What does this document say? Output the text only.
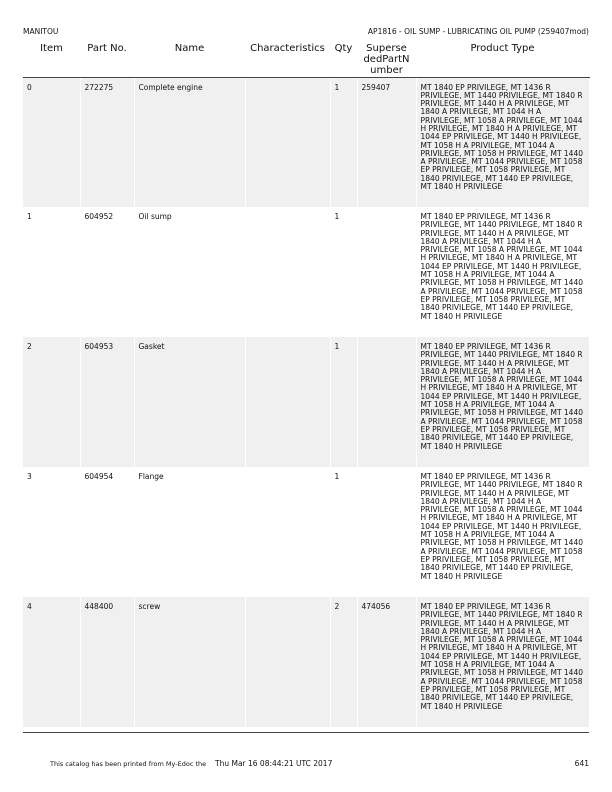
MANITOU	AP1816 - OIL SUMP - LUBRICATING OIL PUMP (259407mod)
Item	Part No.	Name	Characteristics	Qty	Superse dedPartN umber	Product Type
0	272275	Complete engine		1	259407	MT 1840 EP PRIVILEGE, MT 1436 R PRIVILEGE, MT 1440 PRIVILEGE, MT 1840 R PRIVILEGE, MT 1440 H A PRIVILEGE, MT 1840 A PRIVILEGE, MT 1044 H A PRIVILEGE, MT 1058 A PRIVILEGE, MT 1044 H PRIVILEGE, MT 1840 H A PRIVILEGE, MT 1044 EP PRIVILEGE, MT 1440 H PRIVILEGE, MT 1058 H A PRIVILEGE, MT 1044 A PRIVILEGE, MT 1058 H PRIVILEGE, MT 1440 A PRIVILEGE, MT 1044 PRIVILEGE, MT 1058 EP PRIVILEGE, MT 1058 PRIVILEGE, MT 1840 PRIVILEGE, MT 1440 EP PRIVILEGE, MT 1840 H PRIVILEGE
1	604952	Oil sump		1		MT 1840 EP PRIVILEGE, MT 1436 R PRIVILEGE, MT 1440 PRIVILEGE, MT 1840 R PRIVILEGE, MT 1440 H A PRIVILEGE, MT 1840 A PRIVILEGE, MT 1044 H A PRIVILEGE, MT 1058 A PRIVILEGE, MT 1044 H PRIVILEGE, MT 1840 H A PRIVILEGE, MT 1044 EP PRIVILEGE, MT 1440 H PRIVILEGE, MT 1058 H A PRIVILEGE, MT 1044 A PRIVILEGE, MT 1058 H PRIVILEGE, MT 1440 A PRIVILEGE, MT 1044 PRIVILEGE, MT 1058 EP PRIVILEGE, MT 1058 PRIVILEGE, MT 1840 PRIVILEGE, MT 1440 EP PRIVILEGE, MT 1840 H PRIVILEGE
2	604953	Gasket		1		MT 1840 EP PRIVILEGE, MT 1436 R PRIVILEGE, MT 1440 PRIVILEGE, MT 1840 R PRIVILEGE, MT 1440 H A PRIVILEGE, MT 1840 A PRIVILEGE, MT 1044 H A PRIVILEGE, MT 1058 A PRIVILEGE, MT 1044 H PRIVILEGE, MT 1840 H A PRIVILEGE, MT 1044 EP PRIVILEGE, MT 1440 H PRIVILEGE, MT 1058 H A PRIVILEGE, MT 1044 A PRIVILEGE, MT 1058 H PRIVILEGE, MT 1440 A PRIVILEGE, MT 1044 PRIVILEGE, MT 1058 EP PRIVILEGE, MT 1058 PRIVILEGE, MT 1840 PRIVILEGE, MT 1440 EP PRIVILEGE, MT 1840 H PRIVILEGE
3	604954	Flange		1		MT 1840 EP PRIVILEGE, MT 1436 R PRIVILEGE, MT 1440 PRIVILEGE, MT 1840 R PRIVILEGE, MT 1440 H A PRIVILEGE, MT 1840 A PRIVILEGE, MT 1044 H A PRIVILEGE, MT 1058 A PRIVILEGE, MT 1044 H PRIVILEGE, MT 1840 H A PRIVILEGE, MT 1044 EP PRIVILEGE, MT 1440 H PRIVILEGE, MT 1058 H A PRIVILEGE, MT 1044 A PRIVILEGE, MT 1058 H PRIVILEGE, MT 1440 A PRIVILEGE, MT 1044 PRIVILEGE, MT 1058 EP PRIVILEGE, MT 1058 PRIVILEGE, MT 1840 PRIVILEGE, MT 1440 EP PRIVILEGE, MT 1840 H PRIVILEGE
4	448400	screw		2	474056	MT 1840 EP PRIVILEGE, MT 1436 R PRIVILEGE, MT 1440 PRIVILEGE, MT 1840 R PRIVILEGE, MT 1440 H A PRIVILEGE, MT 1840 A PRIVILEGE, MT 1044 H A PRIVILEGE, MT 1058 A PRIVILEGE, MT 1044 H PRIVILEGE, MT 1840 H A PRIVILEGE, MT 1044 EP PRIVILEGE, MT 1440 H PRIVILEGE, MT 1058 H A PRIVILEGE, MT 1044 A PRIVILEGE, MT 1058 H PRIVILEGE, MT 1440 A PRIVILEGE, MT 1044 PRIVILEGE, MT 1058 EP PRIVILEGE, MT 1058 PRIVILEGE, MT 1840 PRIVILEGE, MT 1440 EP PRIVILEGE, MT 1840 H PRIVILEGE
This catalog has been printed from My-Edoc the Thu Mar 16 08:44:21 UTC 2017	641
